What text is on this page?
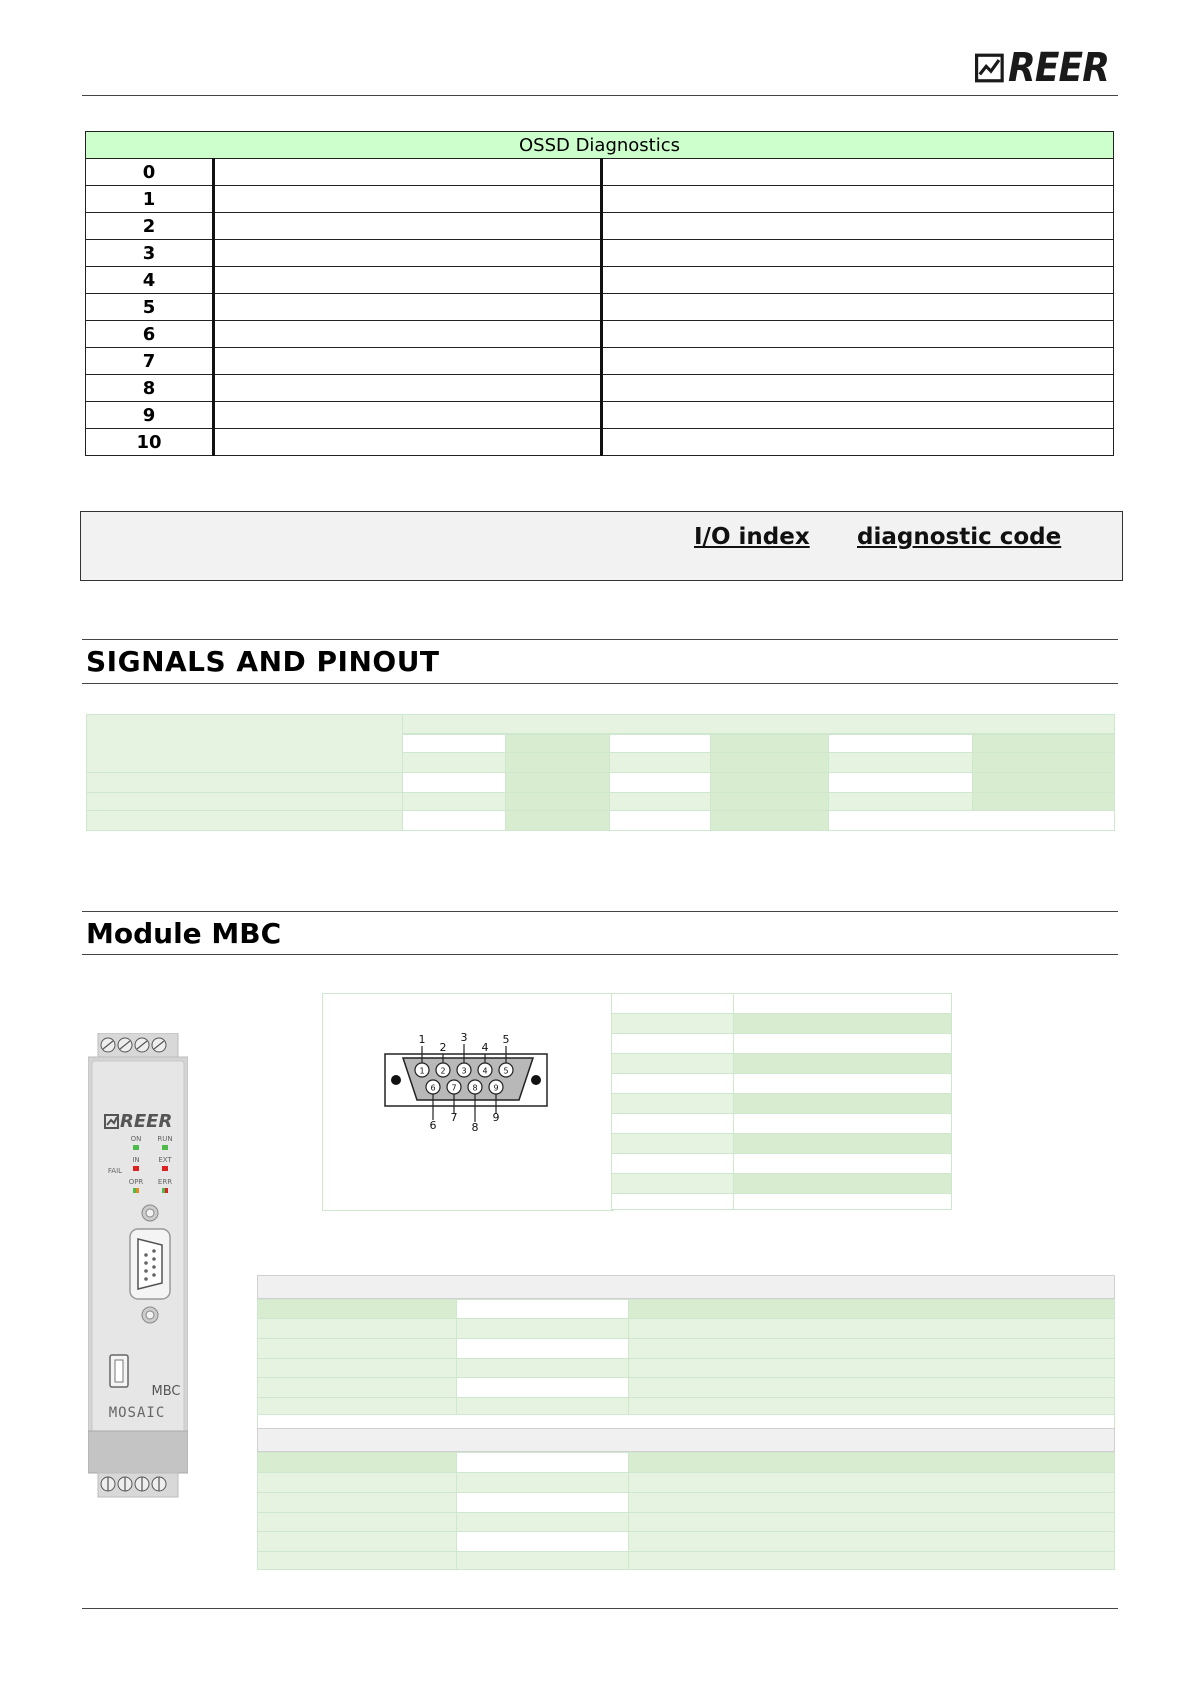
REER
OSSD Diagnostics		
0		
1		
2		
3		
4		
5		
6		
7		
8		
9		
10		
I/O index diagnostic code
SIGNALS AND PINOUT
Module MBC
1 2 3 4 5
6 7 8 9
1
2
3
4
5
6
7
8
9
REER
ON RUN
IN	EXT
FAIL
OPR ERR
MBC
MOSAIC
